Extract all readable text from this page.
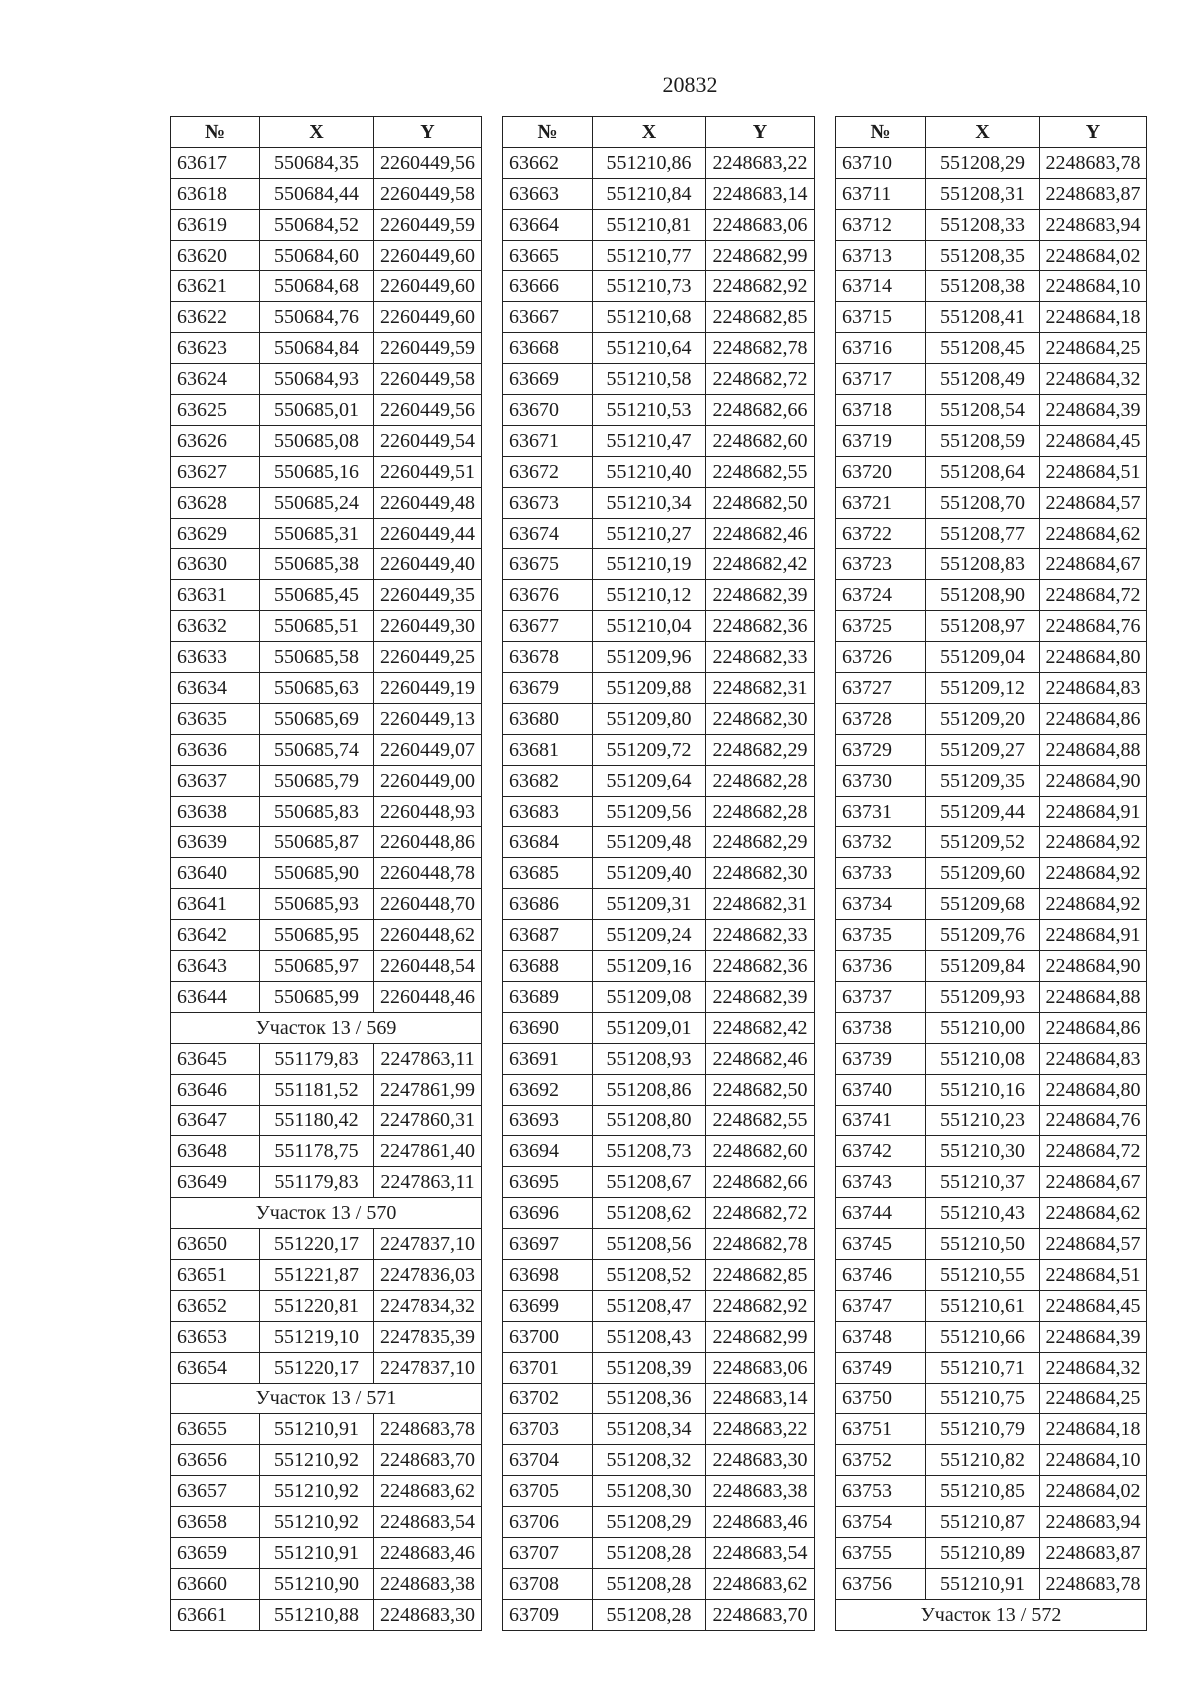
20832
№	X	Y
63617	550684,35	2260449,56
63618	550684,44	2260449,58
63619	550684,52	2260449,59
63620	550684,60	2260449,60
63621	550684,68	2260449,60
63622	550684,76	2260449,60
63623	550684,84	2260449,59
63624	550684,93	2260449,58
63625	550685,01	2260449,56
63626	550685,08	2260449,54
63627	550685,16	2260449,51
63628	550685,24	2260449,48
63629	550685,31	2260449,44
63630	550685,38	2260449,40
63631	550685,45	2260449,35
63632	550685,51	2260449,30
63633	550685,58	2260449,25
63634	550685,63	2260449,19
63635	550685,69	2260449,13
63636	550685,74	2260449,07
63637	550685,79	2260449,00
63638	550685,83	2260448,93
63639	550685,87	2260448,86
63640	550685,90	2260448,78
63641	550685,93	2260448,70
63642	550685,95	2260448,62
63643	550685,97	2260448,54
63644	550685,99	2260448,46
Участок 13 / 569		
63645	551179,83	2247863,11
63646	551181,52	2247861,99
63647	551180,42	2247860,31
63648	551178,75	2247861,40
63649	551179,83	2247863,11
Участок 13 / 570		
63650	551220,17	2247837,10
63651	551221,87	2247836,03
63652	551220,81	2247834,32
63653	551219,10	2247835,39
63654	551220,17	2247837,10
Участок 13 / 571		
63655	551210,91	2248683,78
63656	551210,92	2248683,70
63657	551210,92	2248683,62
63658	551210,92	2248683,54
63659	551210,91	2248683,46
63660	551210,90	2248683,38
63661	551210,88	2248683,30
№	X	Y
63662	551210,86	2248683,22
63663	551210,84	2248683,14
63664	551210,81	2248683,06
63665	551210,77	2248682,99
63666	551210,73	2248682,92
63667	551210,68	2248682,85
63668	551210,64	2248682,78
63669	551210,58	2248682,72
63670	551210,53	2248682,66
63671	551210,47	2248682,60
63672	551210,40	2248682,55
63673	551210,34	2248682,50
63674	551210,27	2248682,46
63675	551210,19	2248682,42
63676	551210,12	2248682,39
63677	551210,04	2248682,36
63678	551209,96	2248682,33
63679	551209,88	2248682,31
63680	551209,80	2248682,30
63681	551209,72	2248682,29
63682	551209,64	2248682,28
63683	551209,56	2248682,28
63684	551209,48	2248682,29
63685	551209,40	2248682,30
63686	551209,31	2248682,31
63687	551209,24	2248682,33
63688	551209,16	2248682,36
63689	551209,08	2248682,39
63690	551209,01	2248682,42
63691	551208,93	2248682,46
63692	551208,86	2248682,50
63693	551208,80	2248682,55
63694	551208,73	2248682,60
63695	551208,67	2248682,66
63696	551208,62	2248682,72
63697	551208,56	2248682,78
63698	551208,52	2248682,85
63699	551208,47	2248682,92
63700	551208,43	2248682,99
63701	551208,39	2248683,06
63702	551208,36	2248683,14
63703	551208,34	2248683,22
63704	551208,32	2248683,30
63705	551208,30	2248683,38
63706	551208,29	2248683,46
63707	551208,28	2248683,54
63708	551208,28	2248683,62
63709	551208,28	2248683,70
№	X	Y
63710	551208,29	2248683,78
63711	551208,31	2248683,87
63712	551208,33	2248683,94
63713	551208,35	2248684,02
63714	551208,38	2248684,10
63715	551208,41	2248684,18
63716	551208,45	2248684,25
63717	551208,49	2248684,32
63718	551208,54	2248684,39
63719	551208,59	2248684,45
63720	551208,64	2248684,51
63721	551208,70	2248684,57
63722	551208,77	2248684,62
63723	551208,83	2248684,67
63724	551208,90	2248684,72
63725	551208,97	2248684,76
63726	551209,04	2248684,80
63727	551209,12	2248684,83
63728	551209,20	2248684,86
63729	551209,27	2248684,88
63730	551209,35	2248684,90
63731	551209,44	2248684,91
63732	551209,52	2248684,92
63733	551209,60	2248684,92
63734	551209,68	2248684,92
63735	551209,76	2248684,91
63736	551209,84	2248684,90
63737	551209,93	2248684,88
63738	551210,00	2248684,86
63739	551210,08	2248684,83
63740	551210,16	2248684,80
63741	551210,23	2248684,76
63742	551210,30	2248684,72
63743	551210,37	2248684,67
63744	551210,43	2248684,62
63745	551210,50	2248684,57
63746	551210,55	2248684,51
63747	551210,61	2248684,45
63748	551210,66	2248684,39
63749	551210,71	2248684,32
63750	551210,75	2248684,25
63751	551210,79	2248684,18
63752	551210,82	2248684,10
63753	551210,85	2248684,02
63754	551210,87	2248683,94
63755	551210,89	2248683,87
63756	551210,91	2248683,78
Участок 13 / 572		
